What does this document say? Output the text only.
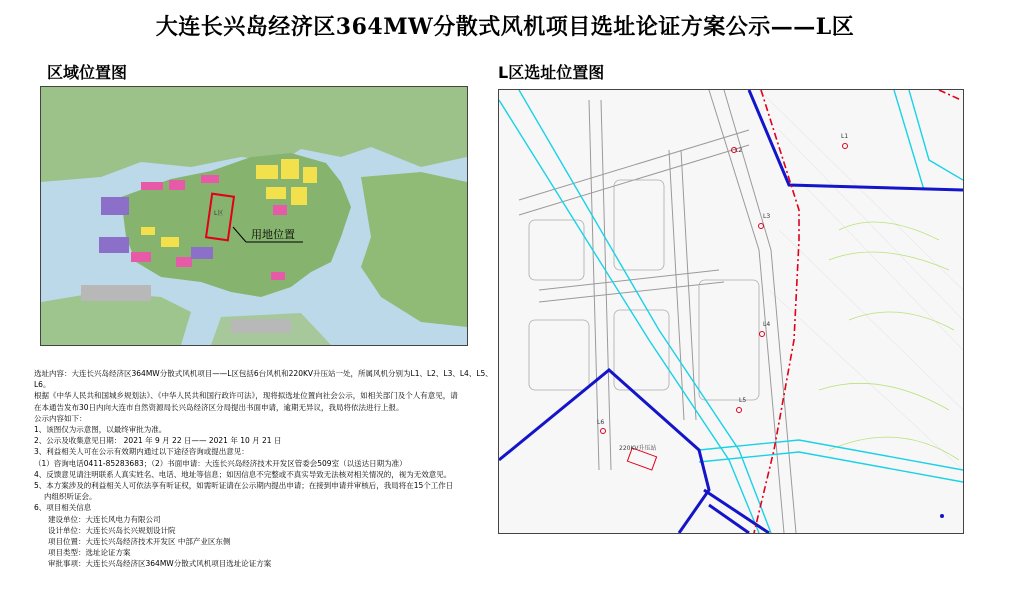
大连长兴岛经济区364MW分散式风机项目选址论证方案公示——L区
区域位置图	L区选址位置图
L区
用地位置
220KV升压站
L1
L2
L3
L4
L5
L6

选址内容：大连长兴岛经济区364MW分散式风机项目——L区包括6台风机和220KV升压站一处，所属风机分别为L1、L2、L3、L4、L5、

L6。

根据《中华人民共和国城乡规划法》、《中华人民共和国行政许可法》，现将拟选址位置向社会公示，如相关部门及个人有意见，请

在本通告发布30日内向大连市自然资源局长兴岛经济区分局提出书面申请，逾期无异议，我局将依法进行上报。

公示内容如下：

1、该图仅为示意图，以最终审批为准。

2、公示及收集意见日期： 2021 年 9 月 22 日—— 2021 年 10 月 21 日

3、利益相关人可在公示有效期内通过以下途径咨询或提出意见：

（1）咨询电话0411-85283683；（2）书面申请：大连长兴岛经济技术开发区管委会509室（以送达日期为准）

4、反馈意见请注明联系人真实姓名、电话、地址等信息；如因信息不完整或不真实导致无法核对相关情况的，视为无效意见。

5、本方案涉及的利益相关人可依法享有听证权，如需听证请在公示期内提出申请；在接到申请并审核后，我局将在15个工作日

内组织听证会。

6、项目相关信息

建设单位：大连长风电力有限公司

设计单位：大连长兴岛长兴规划设计院

项目位置：大连长兴岛经济技术开发区 中部产业区东侧

项目类型：选址论证方案

审批事项：大连长兴岛经济区364MW分散式风机项目选址论证方案
